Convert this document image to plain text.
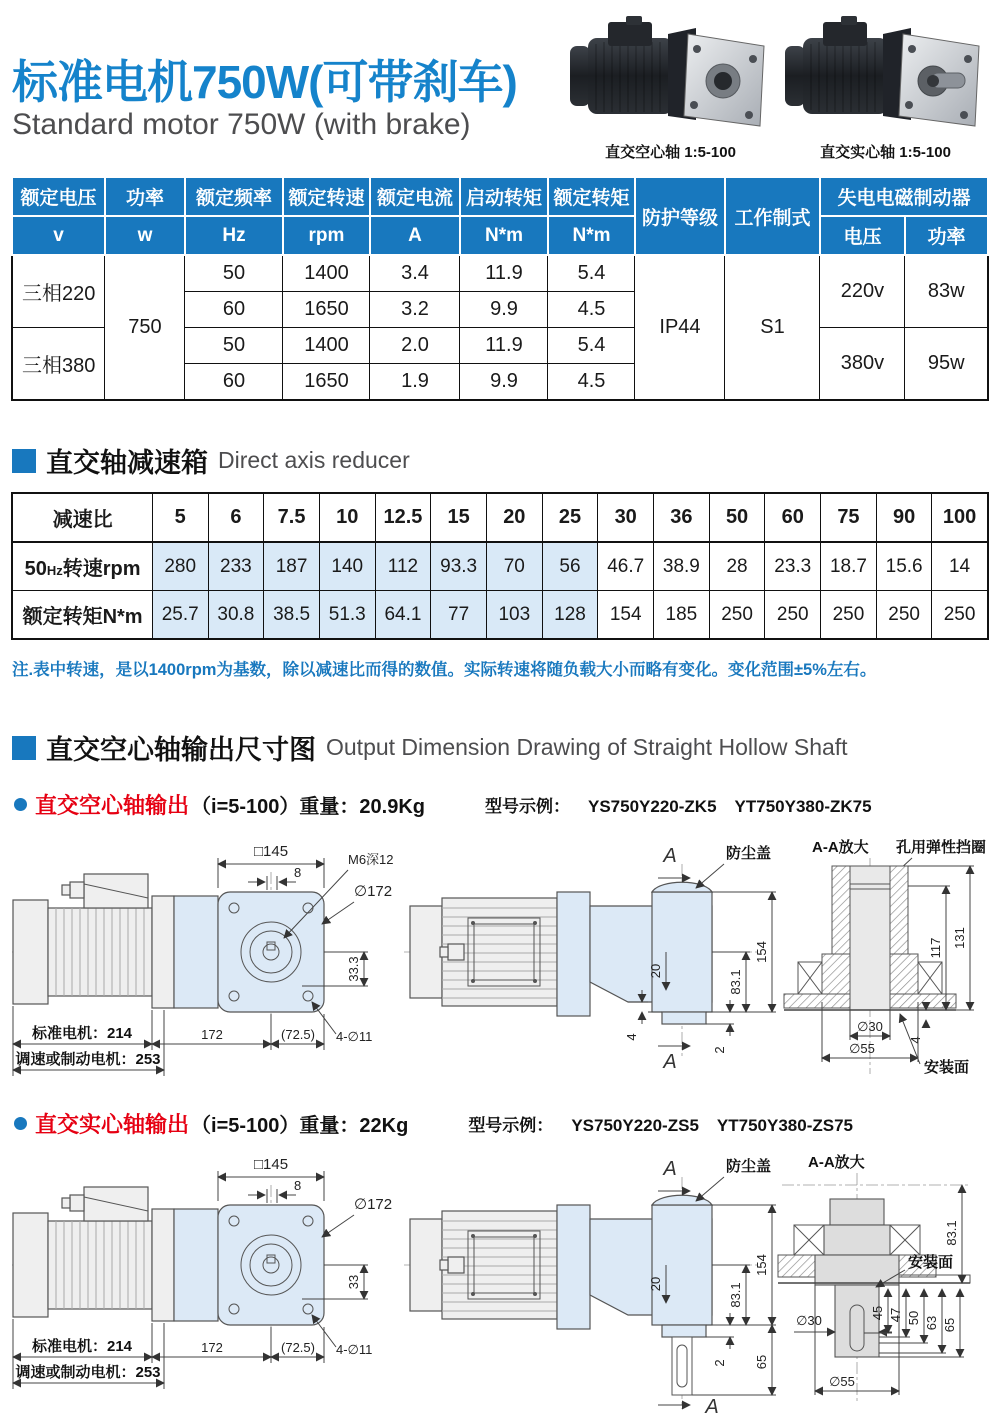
标准电机750W(可带刹车)
Standard motor 750W (with brake)
直交空心轴 1:5-100	直交实心轴 1:5-100
额定电压	功率	额定频率	额定转速	额定电流	启动转矩	额定转矩	防护等级	工作制式	失电电磁制动器	
v	w	Hz	rpm	A	N*m	N*m			电压	功率
三相220	750	50	1400	3.4	11.9	5.4	IP44	S1	220v	83w
		60	1650	3.2	9.9	4.5				
三相380		50	1400	2.0	11.9	5.4			380v	95w
		60	1650	1.9	9.9	4.5				
直交轴减速箱 Direct axis reducer
减速比	5	6	7.5	10	12.5	15	20	25	30	36	50	60	75	90	100
50Hz转速rpm	280	233	187	140	112	93.3	70	56	46.7	38.9	28	23.3	18.7	15.6	14
额定转矩N*m	25.7	30.8	38.5	51.3	64.1	77	103	128	154	185	250	250	250	250	250
注.表中转速，是以1400rpm为基数，除以减速比而得的数值。实际转速将随负载大小而略有变化。变化范围±5%左右。
直交空心轴输出尺寸图 Output Dimension Drawing of Straight Hollow Shaft
直交空心轴输出 （i=5-100）重量：20.9Kg	型号示例： YS750Y220-ZK5 YT750Y380-ZK75
□145
8
M6深12
∅172
33.3
4-∅11
标准电机：214	172	(72.5)
调速或制动电机：253
A
A
防尘盖
154
83.1
20
2
4
A-A放大 孔用弹性挡圈
131
117
4
∅30
∅55
安装面
直交实心轴输出 （i=5-100）重量：22Kg	型号示例： YS750Y220-ZS5 YT750Y380-ZS75
□145
8
∅172
33
4-∅11
标准电机：214	172	(72.5)
调速或制动电机：253
A
A
防尘盖
154
83.1
20
2 65
A-A放大
83.1
安装面
∅30
∅55
45 47 50 63 65
